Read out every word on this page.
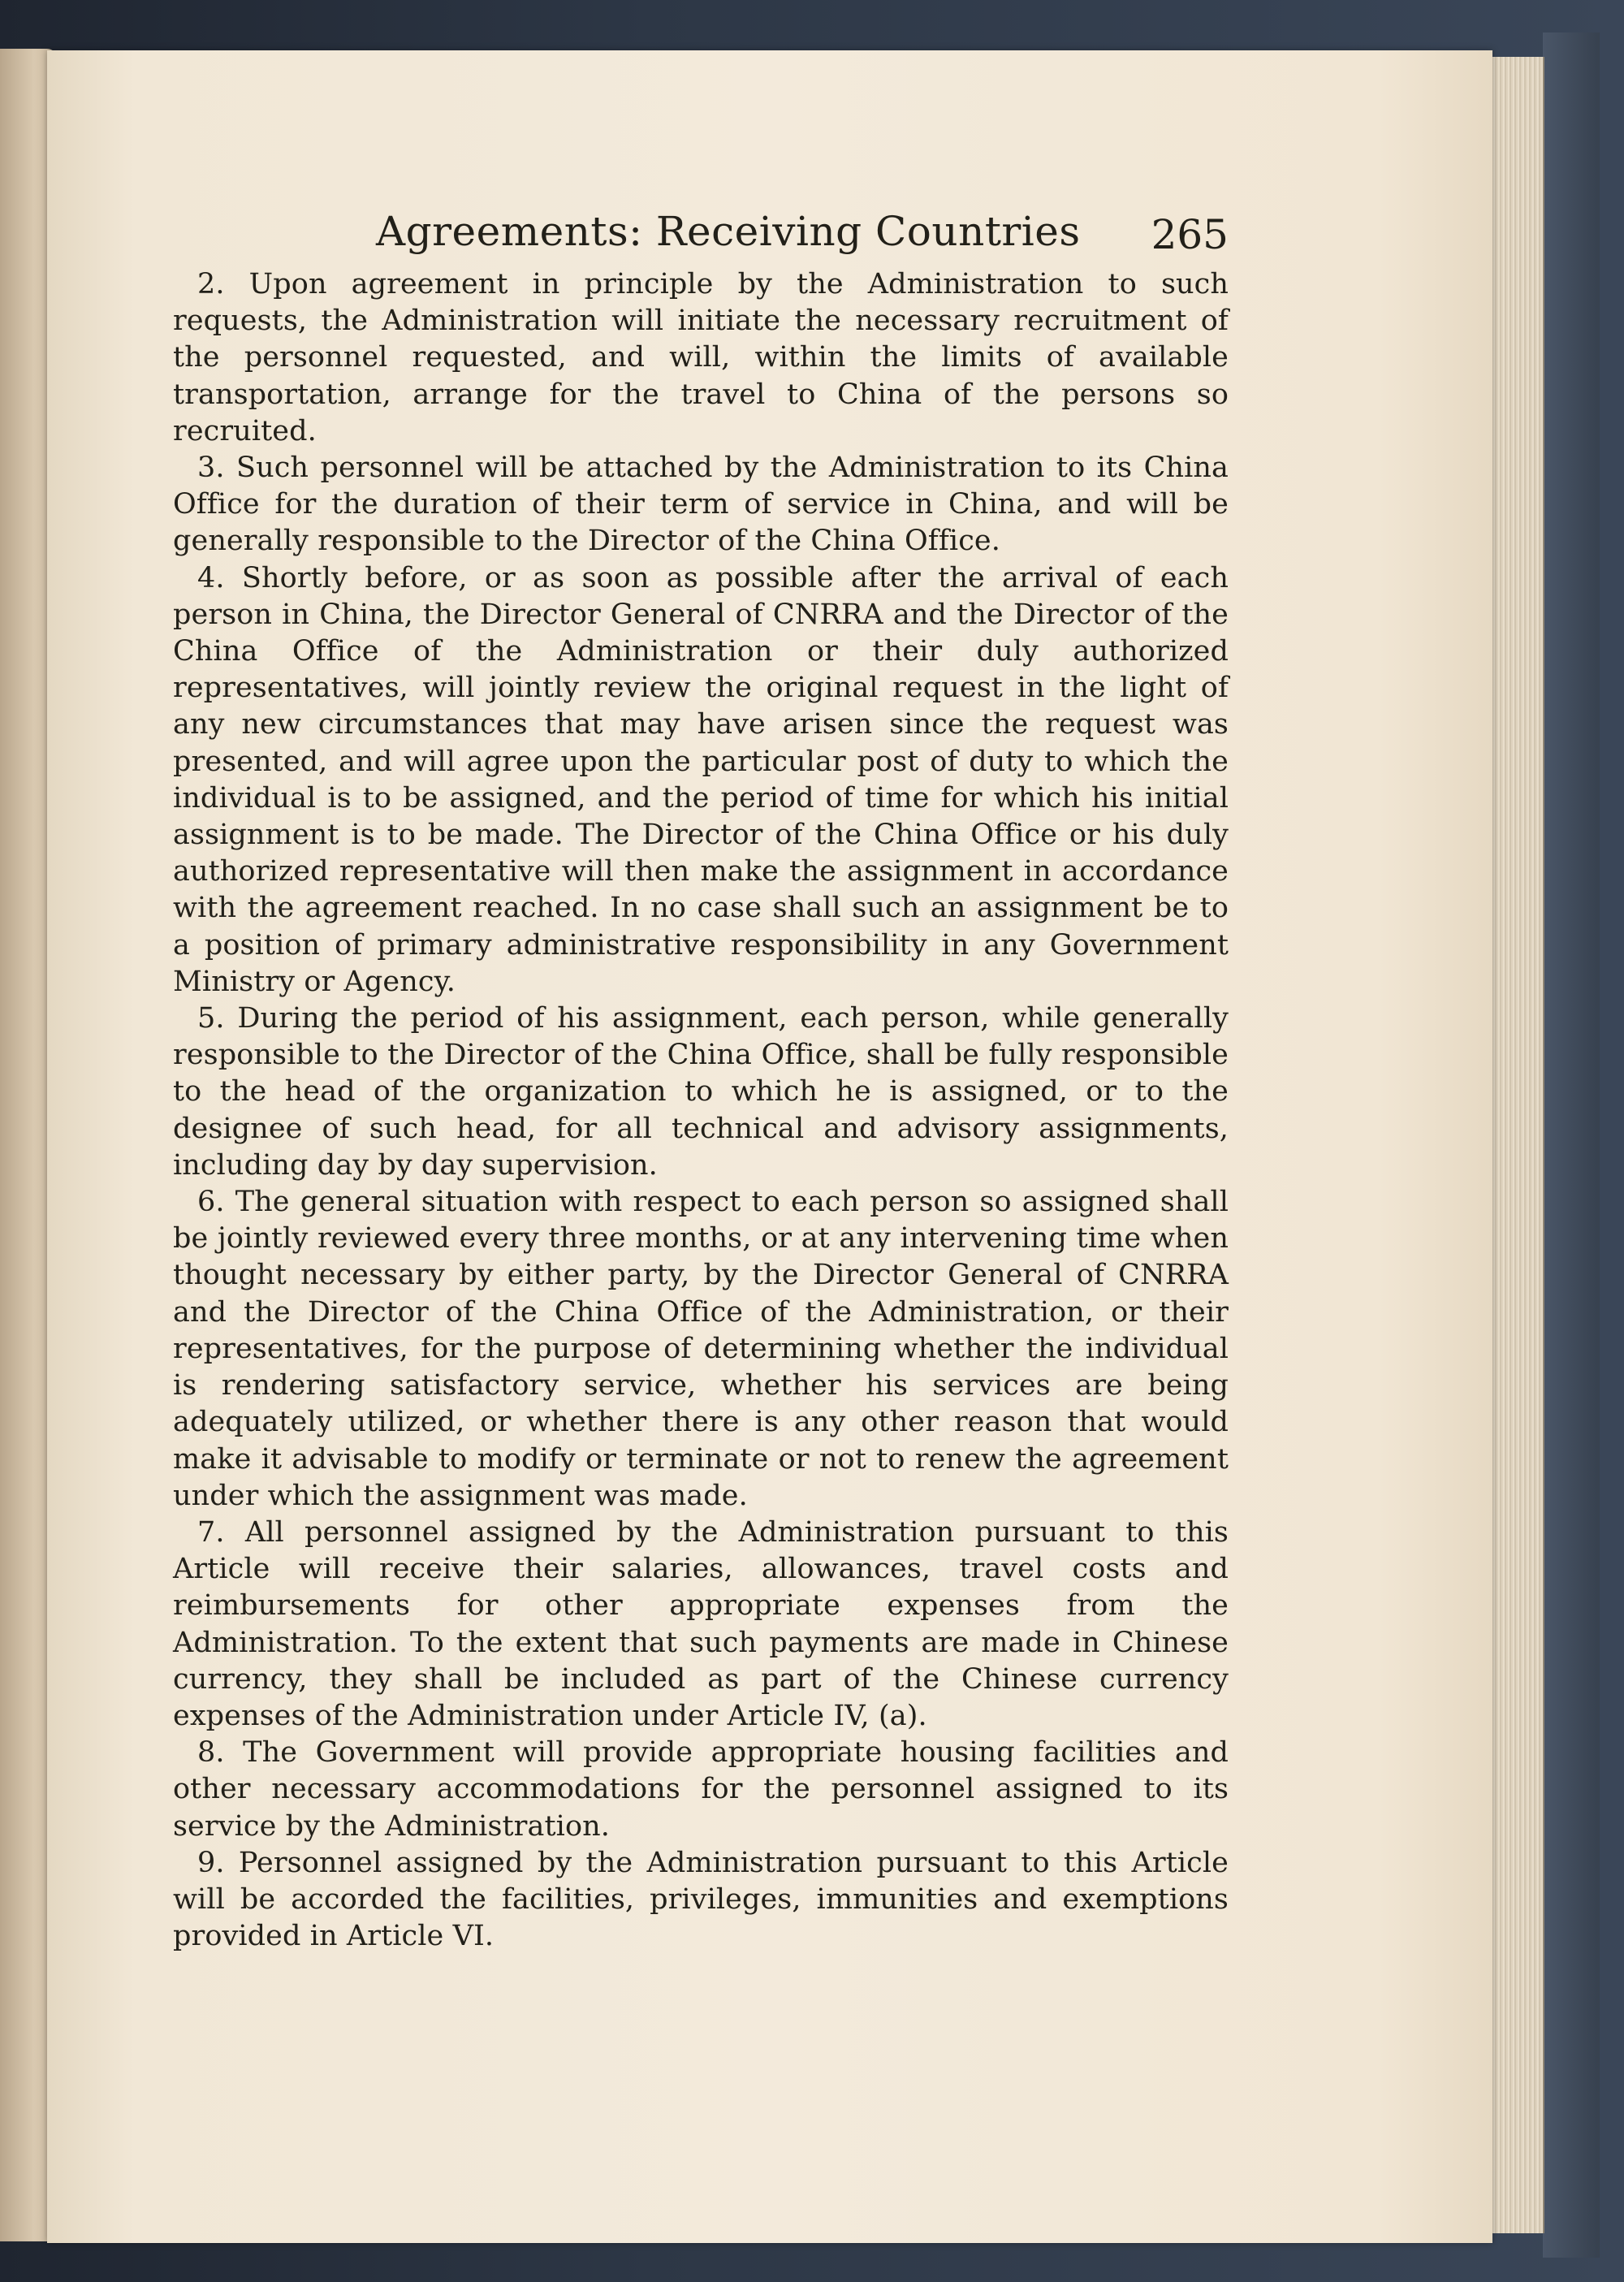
Agreements: Receiving Countries 265

2. Upon agreement in principle by the Administration to such requests, the Administration will initiate the necessary recruitment of the personnel requested, and will, within the limits of available transportation, arrange for the travel to China of the persons so recruited.

3. Such personnel will be attached by the Administration to its China Office for the duration of their term of service in China, and will be generally responsible to the Director of the China Office.

4. Shortly before, or as soon as possible after the arrival of each person in China, the Director General of CNRRA and the Director of the China Office of the Administration or their duly authorized representatives, will jointly review the original request in the light of any new circumstances that may have arisen since the request was presented, and will agree upon the particular post of duty to which the individual is to be assigned, and the period of time for which his initial assignment is to be made. The Director of the China Office or his duly authorized representative will then make the assignment in accordance with the agreement reached. In no case shall such an assignment be to a position of primary administrative responsibility in any Government Ministry or Agency.

5. During the period of his assignment, each person, while generally responsible to the Director of the China Office, shall be fully responsible to the head of the organization to which he is assigned, or to the designee of such head, for all technical and advisory assignments, including day by day supervision.

6. The general situation with respect to each person so assigned shall be jointly reviewed every three months, or at any intervening time when thought necessary by either party, by the Director General of CNRRA and the Director of the China Office of the Administration, or their representatives, for the purpose of determining whether the individual is rendering satisfactory service, whether his services are being adequately utilized, or whether there is any other reason that would make it advisable to modify or terminate or not to renew the agreement under which the assignment was made.

7. All personnel assigned by the Administration pursuant to this Article will receive their salaries, allowances, travel costs and reimbursements for other appropriate expenses from the Administration. To the extent that such payments are made in Chinese currency, they shall be included as part of the Chinese currency expenses of the Administration under Article IV, (a).

8. The Government will provide appropriate housing facilities and other necessary accommodations for the personnel assigned to its service by the Administration.

9. Personnel assigned by the Administration pursuant to this Article will be accorded the facilities, privileges, immunities and exemptions provided in Article VI.
